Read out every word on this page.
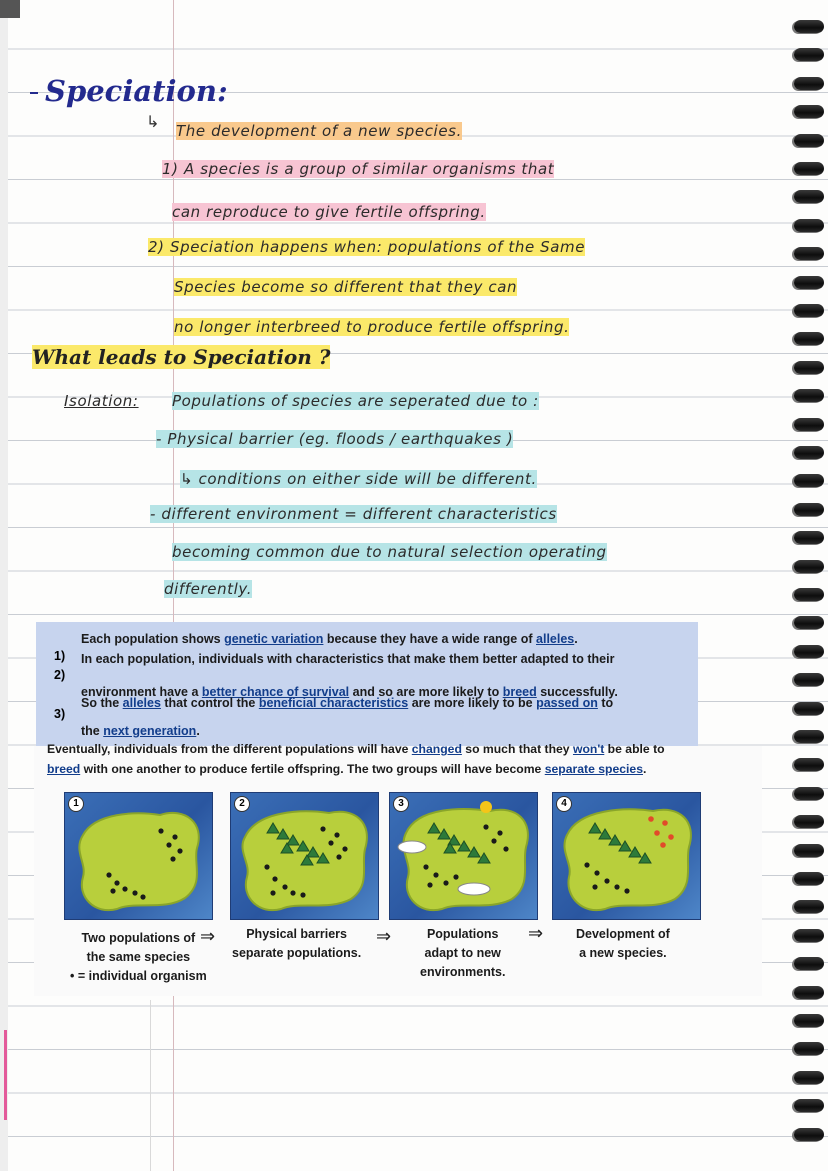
Speciation:
↳ The development of a new species.
1) A species is a group of similar organisms that
can reproduce to give fertile offspring.
2) Speciation happens when: populations of the Same
Species become so different that they can
no longer interbreed to produce fertile offspring.
What leads to Speciation ?
Isolation: Populations of species are seperated due to :
- Physical barrier (eg. floods / earthquakes )
↳ conditions on either side will be different.
- different environment = different characteristics
becoming common due to natural selection operating
differently.
1)
Each population shows genetic variation because they have a wide range of alleles.
2)
In each population, individuals with characteristics that make them better adapted to their
environment have a better chance of survival and so are more likely to breed successfully.
3)
So the alleles that control the beneficial characteristics are more likely to be passed on to
the next generation.
Eventually, individuals from the different populations will have changed so much that they won't be able to
breed with one another to produce fertile offspring. The two groups will have become separate species.
1	2	3	4
Two populations of
the same species
• = individual organism
⇒	Physical barriers
separate populations.
⇒	Populations
adapt to new
environments.
⇒	Development of
a new species.
